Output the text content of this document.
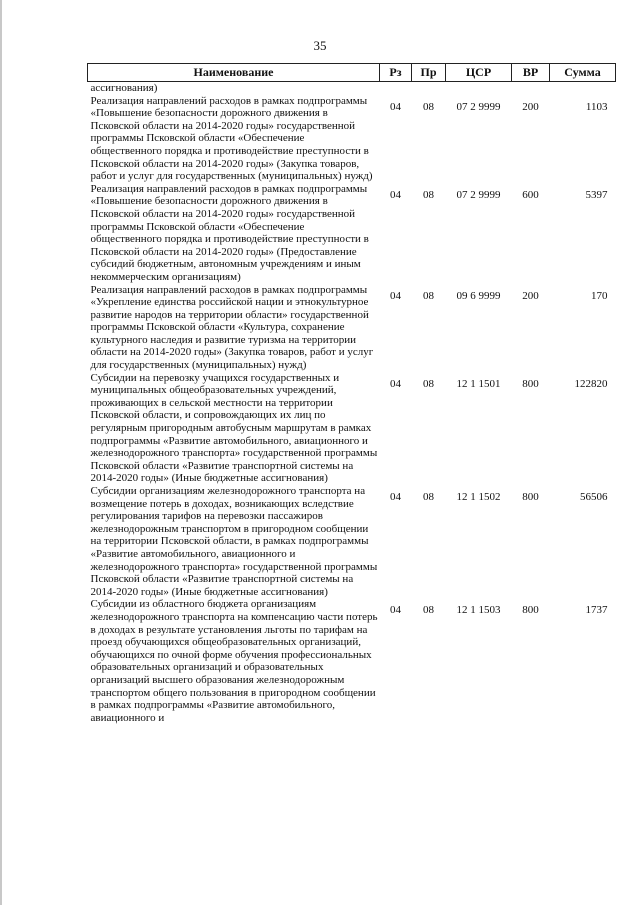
35
Наименование	Рз	Пр	ЦСР	ВР	Сумма
ассигнования)					
Реализация направлений расходов в рамках подпрограммы «Повышение безопасности дорожного движения в Псковской области на 2014-2020 годы» государственной программы Псковской области «Обеспечение общественного порядка и противодействие преступности в Псковской области на 2014-2020 годы» (Закупка товаров, работ и услуг для государственных (муниципальных) нужд)	04	08	07 2 9999	200	1103
Реализация направлений расходов в рамках подпрограммы «Повышение безопасности дорожного движения в Псковской области на 2014-2020 годы» государственной программы Псковской области «Обеспечение общественного порядка и противодействие преступности в Псковской области на 2014-2020 годы» (Предоставление субсидий бюджетным, автономным учреждениям и иным некоммерческим организациям)	04	08	07 2 9999	600	5397
Реализация направлений расходов в рамках подпрограммы «Укрепление единства российской нации и этнокультурное развитие народов на территории области» государственной программы Псковской области «Культура, сохранение культурного наследия и развитие туризма на территории области на 2014-2020 годы» (Закупка товаров, работ и услуг для государственных (муниципальных) нужд)	04	08	09 6 9999	200	170
Субсидии на перевозку учащихся государственных и муниципальных общеобразовательных учреждений, проживающих в сельской местности на территории Псковской области, и сопровождающих их лиц по регулярным пригородным автобусным маршрутам в рамках подпрограммы «Развитие автомобильного, авиационного и железнодорожного транспорта» государственной программы Псковской области «Развитие транспортной системы на 2014-2020 годы» (Иные бюджетные ассигнования)	04	08	12 1 1501	800	122820
Субсидии организациям железнодорожного транспорта на возмещение потерь в доходах, возникающих вследствие регулирования тарифов на перевозки пассажиров железнодорожным транспортом в пригородном сообщении на территории Псковской области, в рамках подпрограммы «Развитие автомобильного, авиационного и железнодорожного транспорта» государственной программы Псковской области «Развитие транспортной системы на 2014-2020 годы» (Иные бюджетные ассигнования)	04	08	12 1 1502	800	56506
Субсидии из областного бюджета организациям железнодорожного транспорта на компенсацию части потерь в доходах в результате установления льготы по тарифам на проезд обучающихся общеобразовательных организаций, обучающихся по очной форме обучения профессиональных образовательных организаций и образовательных организаций высшего образования железнодорожным транспортом общего пользования в пригородном сообщении в рамках подпрограммы «Развитие автомобильного, авиационного и	04	08	12 1 1503	800	1737
